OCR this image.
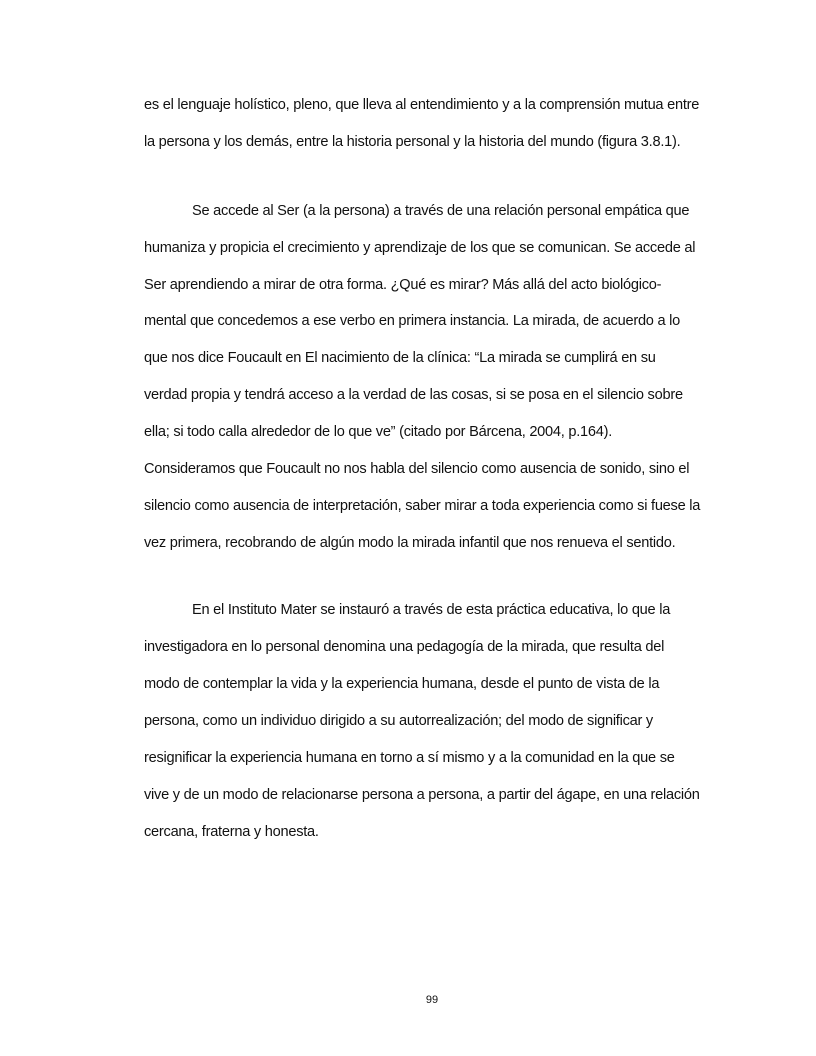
es el lenguaje holístico, pleno, que lleva al entendimiento y a la comprensión mutua entre
la persona y los demás, entre la historia personal y la historia del mundo (figura 3.8.1).
Se accede al Ser (a la persona) a través de una relación personal empática que
humaniza y propicia el crecimiento y aprendizaje de los que se comunican. Se accede al
Ser aprendiendo a mirar de otra forma. ¿Qué es mirar? Más allá del acto biológico-
mental que concedemos a ese verbo en primera instancia. La mirada, de acuerdo a lo
que nos dice Foucault en El nacimiento de la clínica: “La mirada se cumplirá en su
verdad propia y tendrá acceso a la verdad de las cosas, si se posa en el silencio sobre
ella; si todo calla alrededor de lo que ve” (citado por Bárcena, 2004, p.164).
Consideramos que Foucault no nos habla del silencio como ausencia de sonido, sino el
silencio como ausencia de interpretación, saber mirar a toda experiencia como si fuese la
vez primera, recobrando de algún modo la mirada infantil que nos renueva el sentido.
En el Instituto Mater se instauró a través de esta práctica educativa, lo que la
investigadora en lo personal denomina una pedagogía de la mirada, que resulta del
modo de contemplar la vida y la experiencia humana, desde el punto de vista de la
persona, como un individuo dirigido a su autorrealización; del modo de significar y
resignificar la experiencia humana en torno a sí mismo y a la comunidad en la que se
vive y de un modo de relacionarse persona a persona, a partir del ágape, en una relación
cercana, fraterna y honesta.
99
